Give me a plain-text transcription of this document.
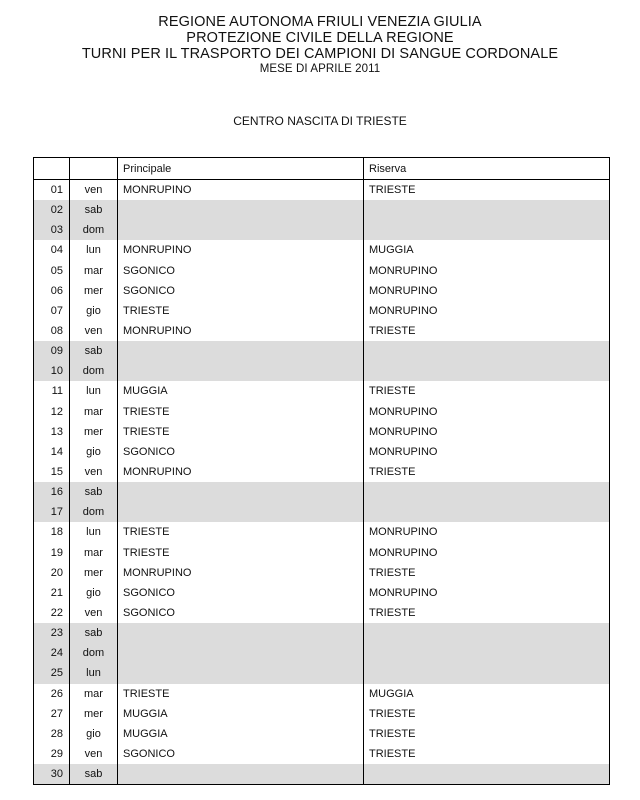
REGIONE AUTONOMA FRIULI VENEZIA GIULIA
PROTEZIONE CIVILE DELLA REGIONE
TURNI PER IL TRASPORTO DEI CAMPIONI DI SANGUE CORDONALE
MESE DI APRILE 2011
CENTRO NASCITA DI TRIESTE
		Principale	Riserva
01	ven	MONRUPINO	TRIESTE
02	sab		
03	dom		
04	lun	MONRUPINO	MUGGIA
05	mar	SGONICO	MONRUPINO
06	mer	SGONICO	MONRUPINO
07	gio	TRIESTE	MONRUPINO
08	ven	MONRUPINO	TRIESTE
09	sab		
10	dom		
11	lun	MUGGIA	TRIESTE
12	mar	TRIESTE	MONRUPINO
13	mer	TRIESTE	MONRUPINO
14	gio	SGONICO	MONRUPINO
15	ven	MONRUPINO	TRIESTE
16	sab		
17	dom		
18	lun	TRIESTE	MONRUPINO
19	mar	TRIESTE	MONRUPINO
20	mer	MONRUPINO	TRIESTE
21	gio	SGONICO	MONRUPINO
22	ven	SGONICO	TRIESTE
23	sab		
24	dom		
25	lun		
26	mar	TRIESTE	MUGGIA
27	mer	MUGGIA	TRIESTE
28	gio	MUGGIA	TRIESTE
29	ven	SGONICO	TRIESTE
30	sab		
